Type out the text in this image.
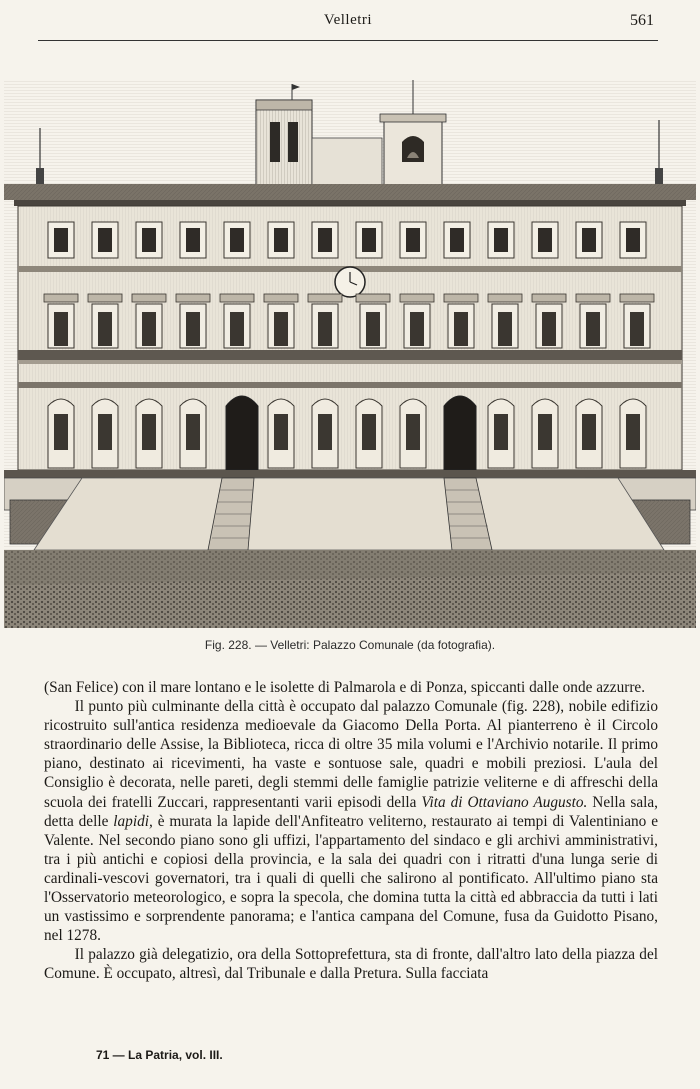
Velletri	561
Fig. 228. — Velletri: Palazzo Comunale (da fotografia).

(San Felice) con il mare lontano e le isolette di Palmarola e di Ponza, spiccanti dalle onde azzurre.

Il punto più culminante della città è occupato dal palazzo Comunale (fig. 228), nobile edifizio ricostruito sull'antica residenza medioevale da Giacomo Della Porta. Al pianterreno è il Circolo straordinario delle Assise, la Biblioteca, ricca di oltre 35 mila volumi e l'Archivio notarile. Il primo piano, destinato ai ricevimenti, ha vaste e sontuose sale, quadri e mobili preziosi. L'aula del Consiglio è decorata, nelle pareti, degli stemmi delle famiglie patrizie veliterne e di affreschi della scuola dei fratelli Zuccari, rappresentanti varii episodi della Vita di Ottaviano Augusto. Nella sala, detta delle lapidi, è murata la lapide dell'Anfiteatro veliterno, restaurato ai tempi di Valentiniano e Valente. Nel secondo piano sono gli uffizi, l'appartamento del sindaco e gli archivi amministrativi, tra i più antichi e copiosi della provincia, e la sala dei quadri con i ritratti d'una lunga serie di cardinali-vescovi governatori, tra i quali di quelli che salirono al pontificato. All'ultimo piano sta l'Osservatorio meteorologico, e sopra la specola, che domina tutta la città ed abbraccia da tutti i lati un vastissimo e sorprendente panorama; e l'antica campana del Comune, fusa da Guidotto Pisano, nel 1278.

Il palazzo già delegatizio, ora della Sottoprefettura, sta di fronte, dall'altro lato della piazza del Comune. È occupato, altresì, dal Tribunale e dalla Pretura. Sulla facciata

71 — La Patria, vol. III.
